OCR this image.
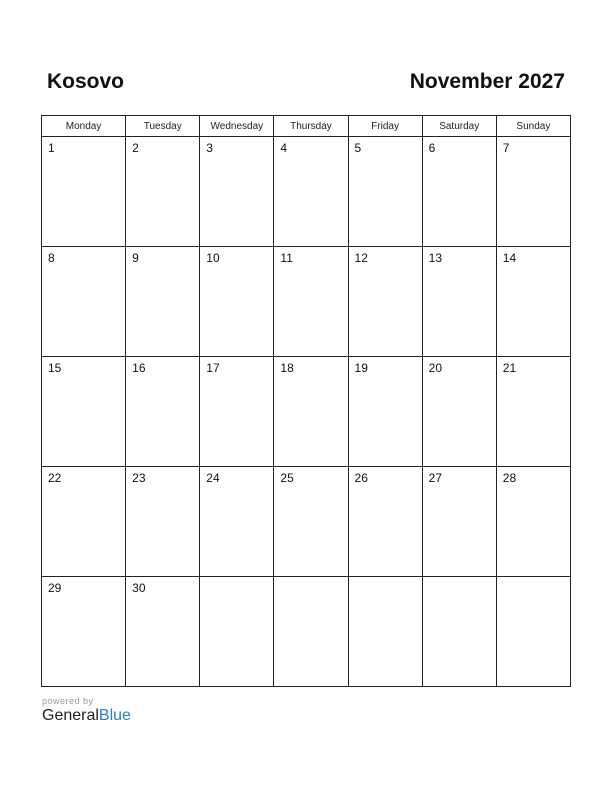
Kosovo	November 2027
Monday	Tuesday	Wednesday	Thursday	Friday	Saturday	Sunday

1	2	3	4	5	6	7

8	9	10	11	12	13	14

15	16	17	18	19	20	21

22	23	24	25	26	27	28

29	30					

powered by
GeneralBlue
